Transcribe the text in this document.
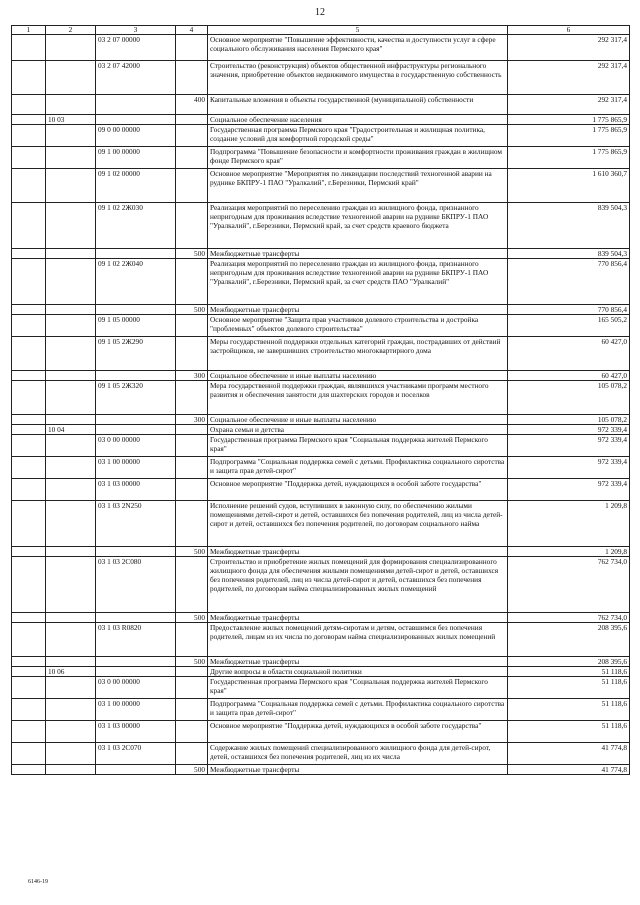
12
1	2	3	4	5	6
		03 2 07 00000		Основное мероприятие "Повышение эффективности, качества и доступности услуг в сфере социального обслуживания населения Пермского края"	292 317,4
		03 2 07 42000		Строительство (реконструкция) объектов общественной инфраструктуры регионального значения, приобретение объектов недвижимого имущества в государственную собственность	292 317,4
			400	Капитальные вложения в объекты государственной (муниципальной) собственности	292 317,4
	10 03			Социальное обеспечение населения	1 775 865,9
		09 0 00 00000		Государственная программа Пермского края "Градостроительная и жилищная политика, создание условий для комфортной городской среды"	1 775 865,9
		09 1 00 00000		Подпрограмма "Повышение безопасности и комфортности проживания граждан в жилищном фонде Пермского края"	1 775 865,9
		09 1 02 00000		Основное мероприятие "Мероприятия по ликвидации последствий техногенной аварии на руднике БКПРУ-1 ПАО "Уралкалий", г.Березники, Пермский край"	1 610 360,7
		09 1 02 2Ж030		Реализация мероприятий по переселению граждан из жилищного фонда, признанного непригодным для проживания вследствие техногенной аварии на руднике БКПРУ-1 ПАО "Уралкалий", г.Березники, Пермский край, за счет средств краевого бюджета	839 504,3
			500	Межбюджетные трансферты	839 504,3
		09 1 02 2Ж040		Реализация мероприятий по переселению граждан из жилищного фонда, признанного непригодным для проживания вследствие техногенной аварии на руднике БКПРУ-1 ПАО "Уралкалий", г.Березники, Пермский край, за счет средств ПАО "Уралкалий"	770 856,4
			500	Межбюджетные трансферты	770 856,4
		09 1 05 00000		Основное мероприятие "Защита прав участников долевого строительства и достройка "проблемных" объектов долевого строительства"	165 505,2
		09 1 05 2Ж290		Меры государственной поддержки отдельных категорий граждан, пострадавших от действий застройщиков, не завершивших строительство многоквартирного дома	60 427,0
			300	Социальное обеспечение и иные выплаты населению	60 427,0
		09 1 05 2Ж320		Мера государственной поддержки граждан, являвшихся участниками программ местного развития и обеспечения занятости для шахтерских городов и поселков	105 078,2
			300	Социальное обеспечение и иные выплаты населению	105 078,2
	10 04			Охрана семьи и детства	972 339,4
		03 0 00 00000		Государственная программа Пермского края "Социальная поддержка жителей Пермского края"	972 339,4
		03 1 00 00000		Подпрограмма "Социальная поддержка семей с детьми. Профилактика социального сиротства и защита прав детей-сирот"	972 339,4
		03 1 03 00000		Основное мероприятие "Поддержка детей, нуждающихся в особой заботе государства"	972 339,4
		03 1 03 2N250		Исполнение решений судов, вступивших в законную силу, по обеспечению жилыми помещениями детей-сирот и детей, оставшихся без попечения родителей, лиц из числа детей-сирот и детей, оставшихся без попечения родителей, по договорам социального найма	1 209,8
			500	Межбюджетные трансферты	1 209,8
		03 1 03 2С080		Строительство и приобретение жилых помещений для формирования специализированного жилищного фонда для обеспечения жилыми помещениями детей-сирот и детей, оставшихся без попечения родителей, лиц из числа детей-сирот и детей, оставшихся без попечения родителей, по договорам найма специализированных жилых помещений	762 734,0
			500	Межбюджетные трансферты	762 734,0
		03 1 03 R0820		Предоставление жилых помещений детям-сиротам и детям, оставшимся без попечения родителей, лицам из их числа по договорам найма специализированных жилых помещений	208 395,6
			500	Межбюджетные трансферты	208 395,6
	10 06			Другие вопросы в области социальной политики	51 118,6
		03 0 00 00000		Государственная программа Пермского края "Социальная поддержка жителей Пермского края"	51 118,6
		03 1 00 00000		Подпрограмма "Социальная поддержка семей с детьми. Профилактика социального сиротства и защита прав детей-сирот"	51 118,6
		03 1 03 00000		Основное мероприятие "Поддержка детей, нуждающихся в особой заботе государства"	51 118,6
		03 1 03 2С070		Содержание жилых помещений специализированного жилищного фонда для детей-сирот, детей, оставшихся без попечения родителей, лиц из их числа	41 774,8
			500	Межбюджетные трансферты	41 774,8
6146-19
